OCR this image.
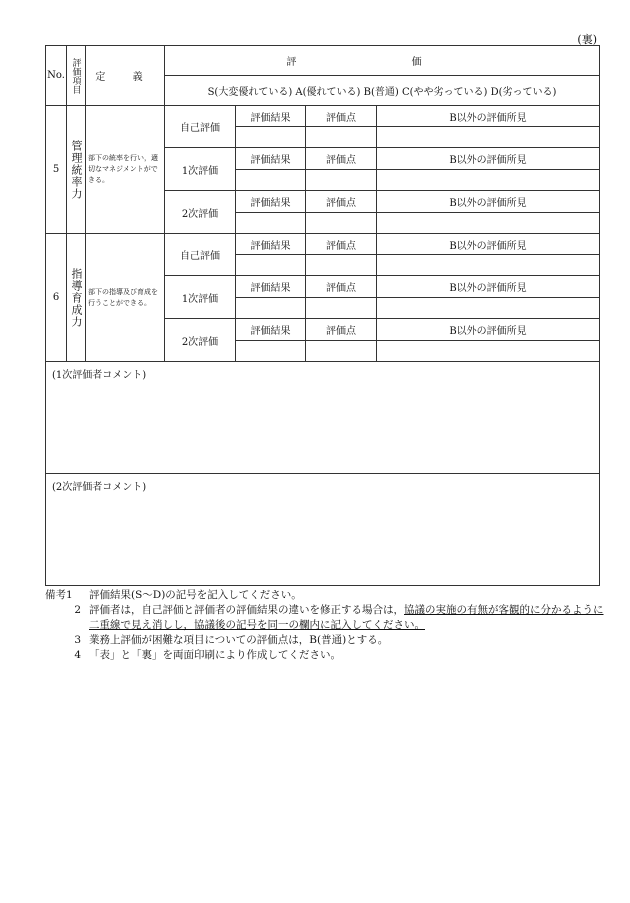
(裏)
No.	評価項目	定 義	評 価			
			S(大変優れている) A(優れている) B(普通) C(やや劣っている) D(劣っている)			
5	管理統率力	部下の統率を行い，適切なマネジメントができる。	自己評価	評価結果	評価点	B以外の評価所見

			1次評価	評価結果	評価点	B以外の評価所見

			2次評価	評価結果	評価点	B以外の評価所見

6	指導育成力	部下の指導及び育成を行うことができる。	自己評価	評価結果	評価点	B以外の評価所見

			1次評価	評価結果	評価点	B以外の評価所見

			2次評価	評価結果	評価点	B以外の評価所見

(1次評価者コメント)						
(2次評価者コメント)						
備考1	評価結果(S～D)の記号を記入してください。
2 評価者は，自己評価と評価者の評価結果の違いを修正する場合は，協議の実施の有無が客観的に分かるように二重線で見え消しし，協議後の記号を同一の欄内に記入してください。
3 業務上評価が困難な項目についての評価点は，B(普通)とする。
4 「表」と「裏」を両面印刷により作成してください。
